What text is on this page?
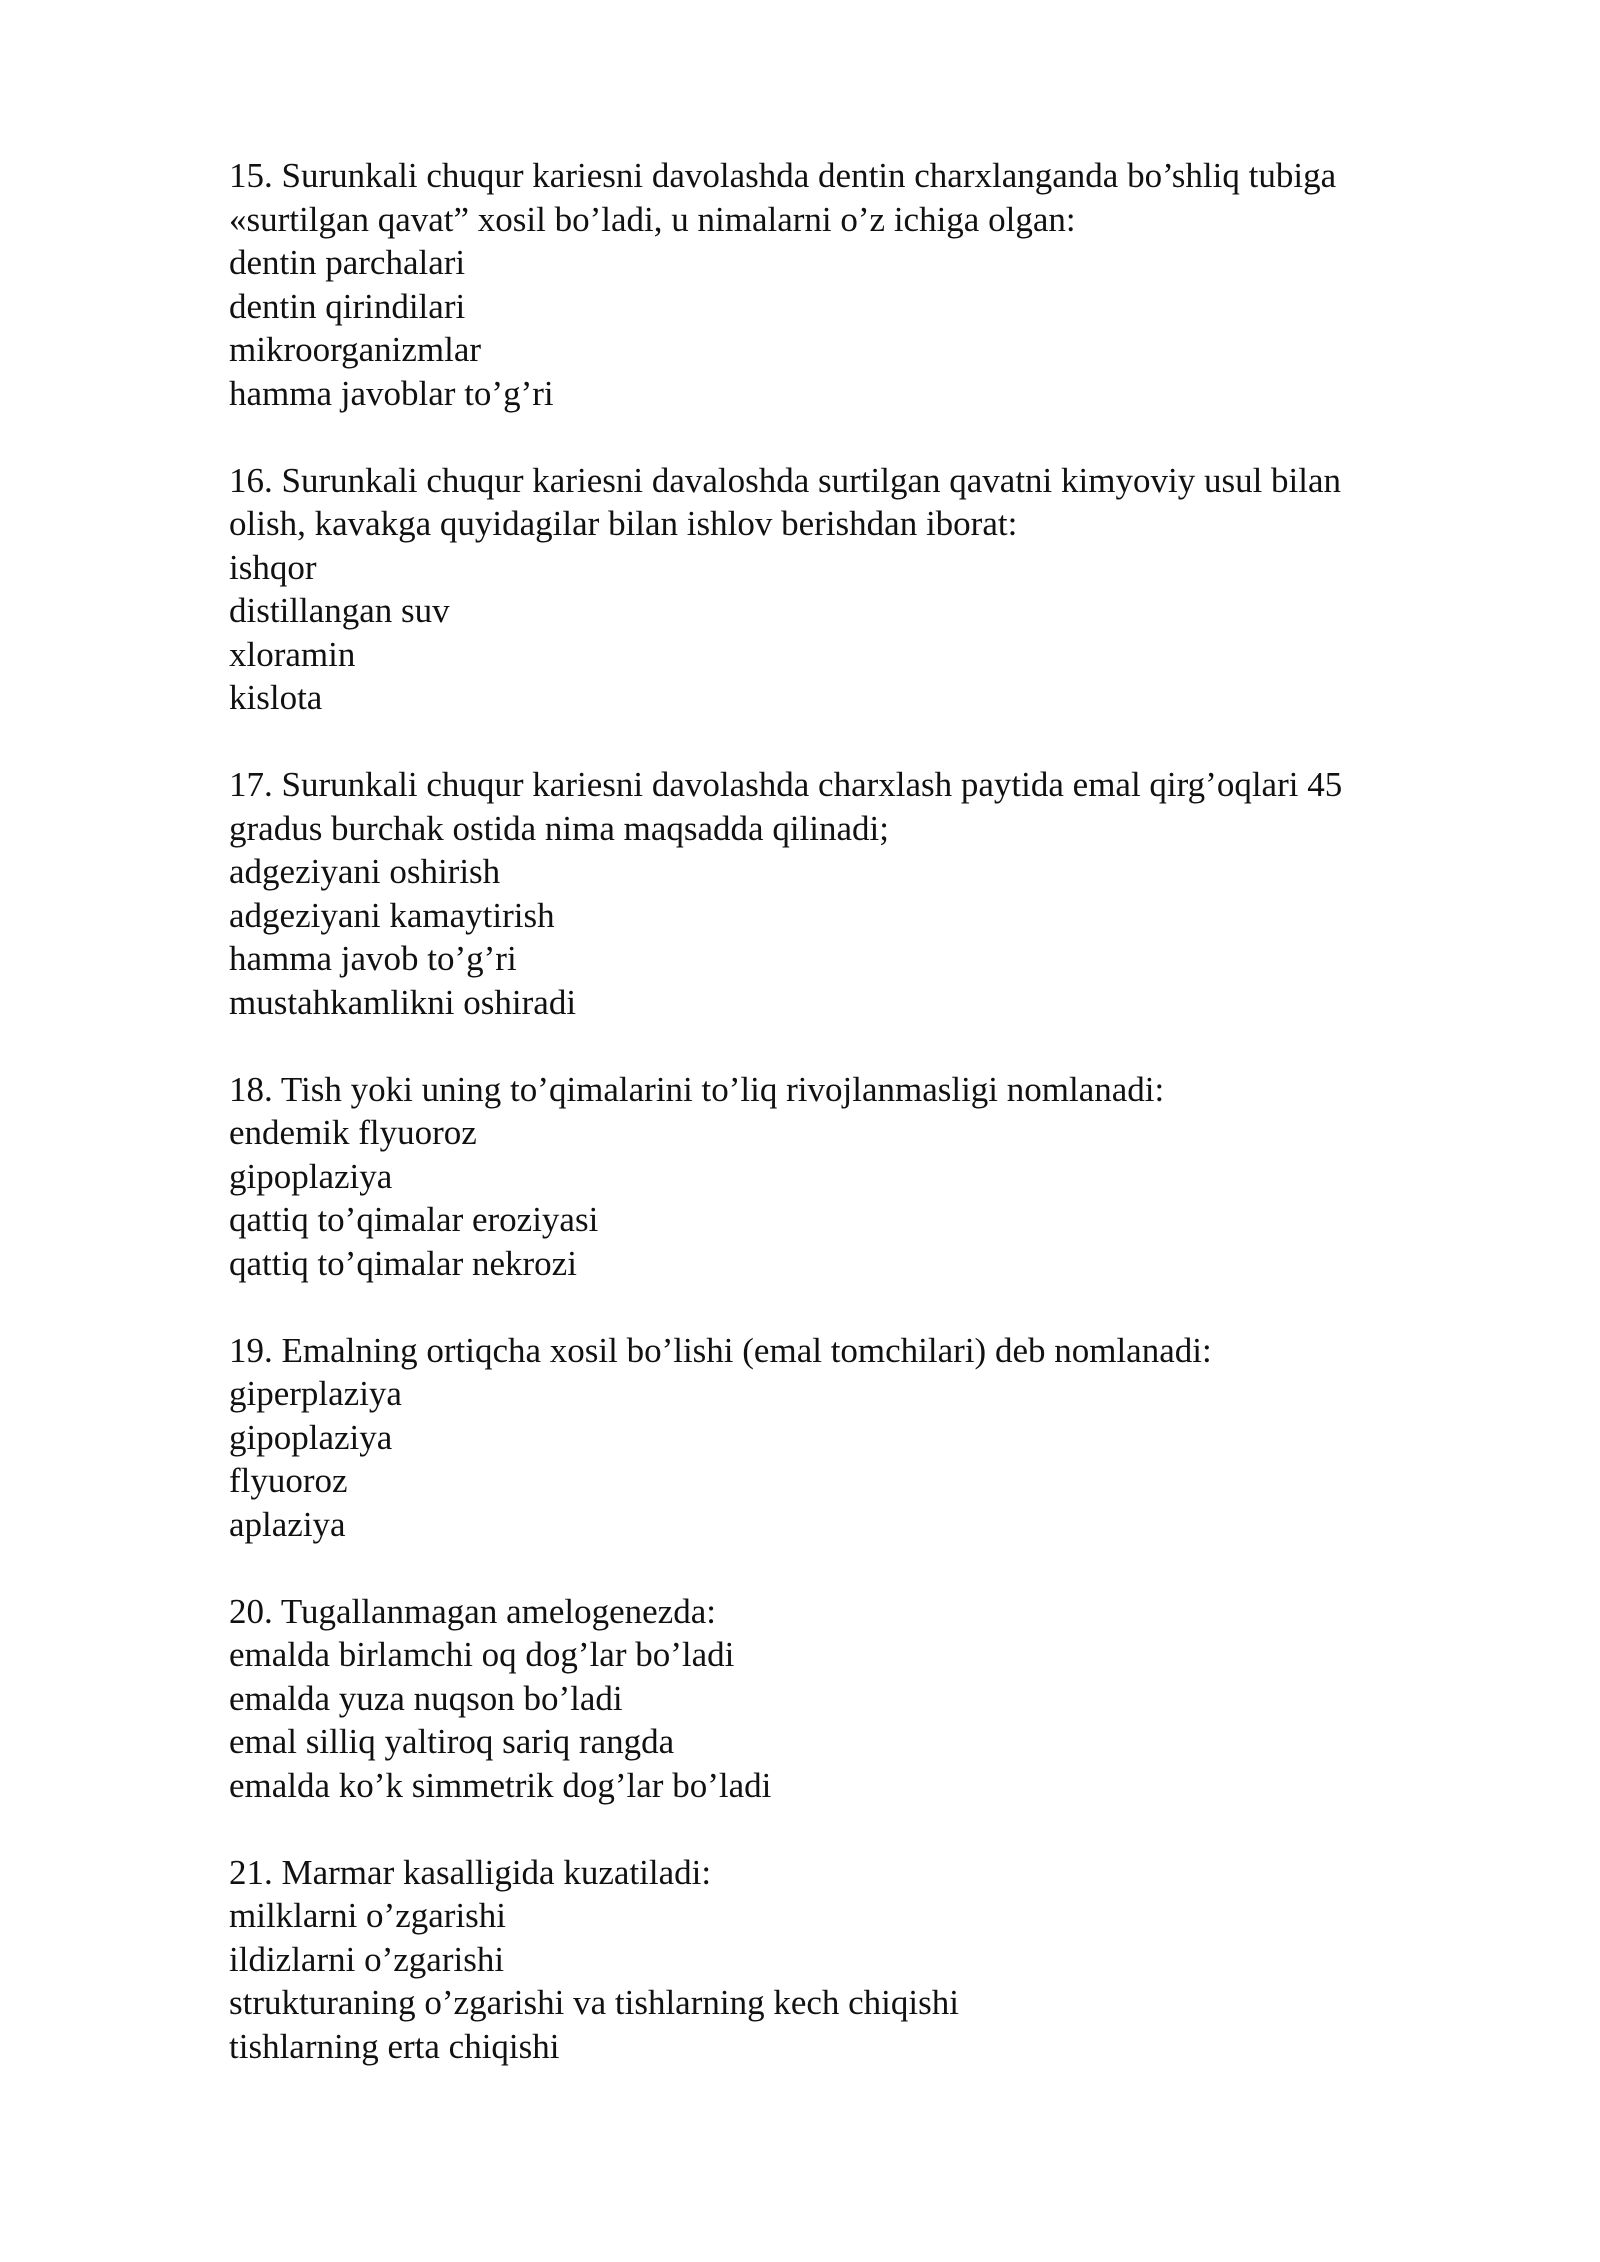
15. Surunkali chuqur kariesni davolashda dentin charxlanganda bo’shliq tubiga
«surtilgan qavat” xosil bo’ladi, u nimalarni o’z ichiga olgan:
dentin parchalari
dentin qirindilari
mikroorganizmlar
hamma javoblar to’g’ri
16. Surunkali chuqur kariesni davaloshda surtilgan qavatni kimyoviy usul bilan
olish, kavakga quyidagilar bilan ishlov berishdan iborat:
ishqor
distillangan suv
xloramin
kislota
17. Surunkali chuqur kariesni davolashda charxlash paytida emal qirg’oqlari 45
gradus burchak ostida nima maqsadda qilinadi;
adgeziyani oshirish
adgeziyani kamaytirish
hamma javob to’g’ri
mustahkamlikni oshiradi
18. Tish yoki uning to’qimalarini to’liq rivojlanmasligi nomlanadi:
endemik flyuoroz
gipoplaziya
qattiq to’qimalar eroziyasi
qattiq to’qimalar nekrozi
19. Emalning ortiqcha xosil bo’lishi (emal tomchilari) deb nomlanadi:
giperplaziya
gipoplaziya
flyuoroz
aplaziya
20. Tugallanmagan amelogenezda:
emalda birlamchi oq dog’lar bo’ladi
emalda yuza nuqson bo’ladi
emal silliq yaltiroq sariq rangda
emalda ko’k simmetrik dog’lar bo’ladi
21. Marmar kasalligida kuzatiladi:
milklarni o’zgarishi
ildizlarni o’zgarishi
strukturaning o’zgarishi va tishlarning kech chiqishi
tishlarning erta chiqishi
